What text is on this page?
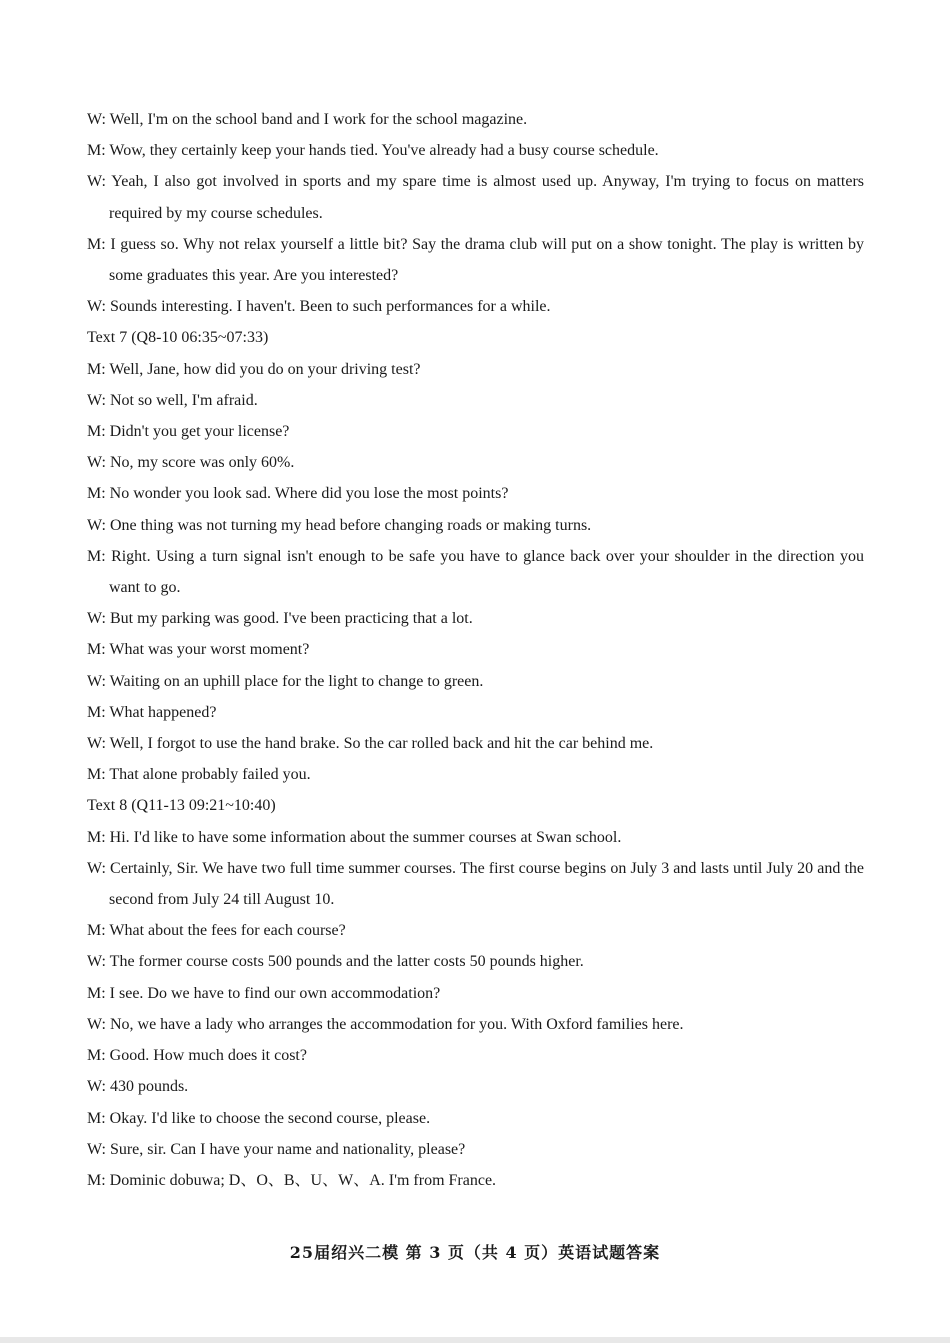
W: Well, I'm on the school band and I work for the school magazine.

M: Wow, they certainly keep your hands tied. You've already had a busy course schedule.

W: Yeah, I also got involved in sports and my spare time is almost used up. Anyway, I'm trying to focus on matters required by my course schedules.

M: I guess so. Why not relax yourself a little bit? Say the drama club will put on a show tonight. The play is written by some graduates this year. Are you interested?

W: Sounds interesting. I haven't. Been to such performances for a while.

Text 7 (Q8-10 06:35~07:33)

M: Well, Jane, how did you do on your driving test?

W: Not so well, I'm afraid.

M: Didn't you get your license?

W: No, my score was only 60%.

M: No wonder you look sad. Where did you lose the most points?

W: One thing was not turning my head before changing roads or making turns.

M: Right. Using a turn signal isn't enough to be safe you have to glance back over your shoulder in the direction you want to go.

W: But my parking was good. I've been practicing that a lot.

M: What was your worst moment?

W: Waiting on an uphill place for the light to change to green.

M: What happened?

W: Well, I forgot to use the hand brake. So the car rolled back and hit the car behind me.

M: That alone probably failed you.

Text 8 (Q11-13 09:21~10:40)

M: Hi. I'd like to have some information about the summer courses at Swan school.

W: Certainly, Sir. We have two full time summer courses. The first course begins on July 3 and lasts until July 20 and the second from July 24 till August 10.

M: What about the fees for each course?

W: The former course costs 500 pounds and the latter costs 50 pounds higher.

M: I see. Do we have to find our own accommodation?

W: No, we have a lady who arranges the accommodation for you. With Oxford families here.

M: Good. How much does it cost?

W: 430 pounds.

M: Okay. I'd like to choose the second course, please.

W: Sure, sir. Can I have your name and nationality, please?

M: Dominic dobuwa; D、O、B、U、W、A. I'm from France.

25届绍兴二模 第 3 页（共 4 页）英语试题答案
